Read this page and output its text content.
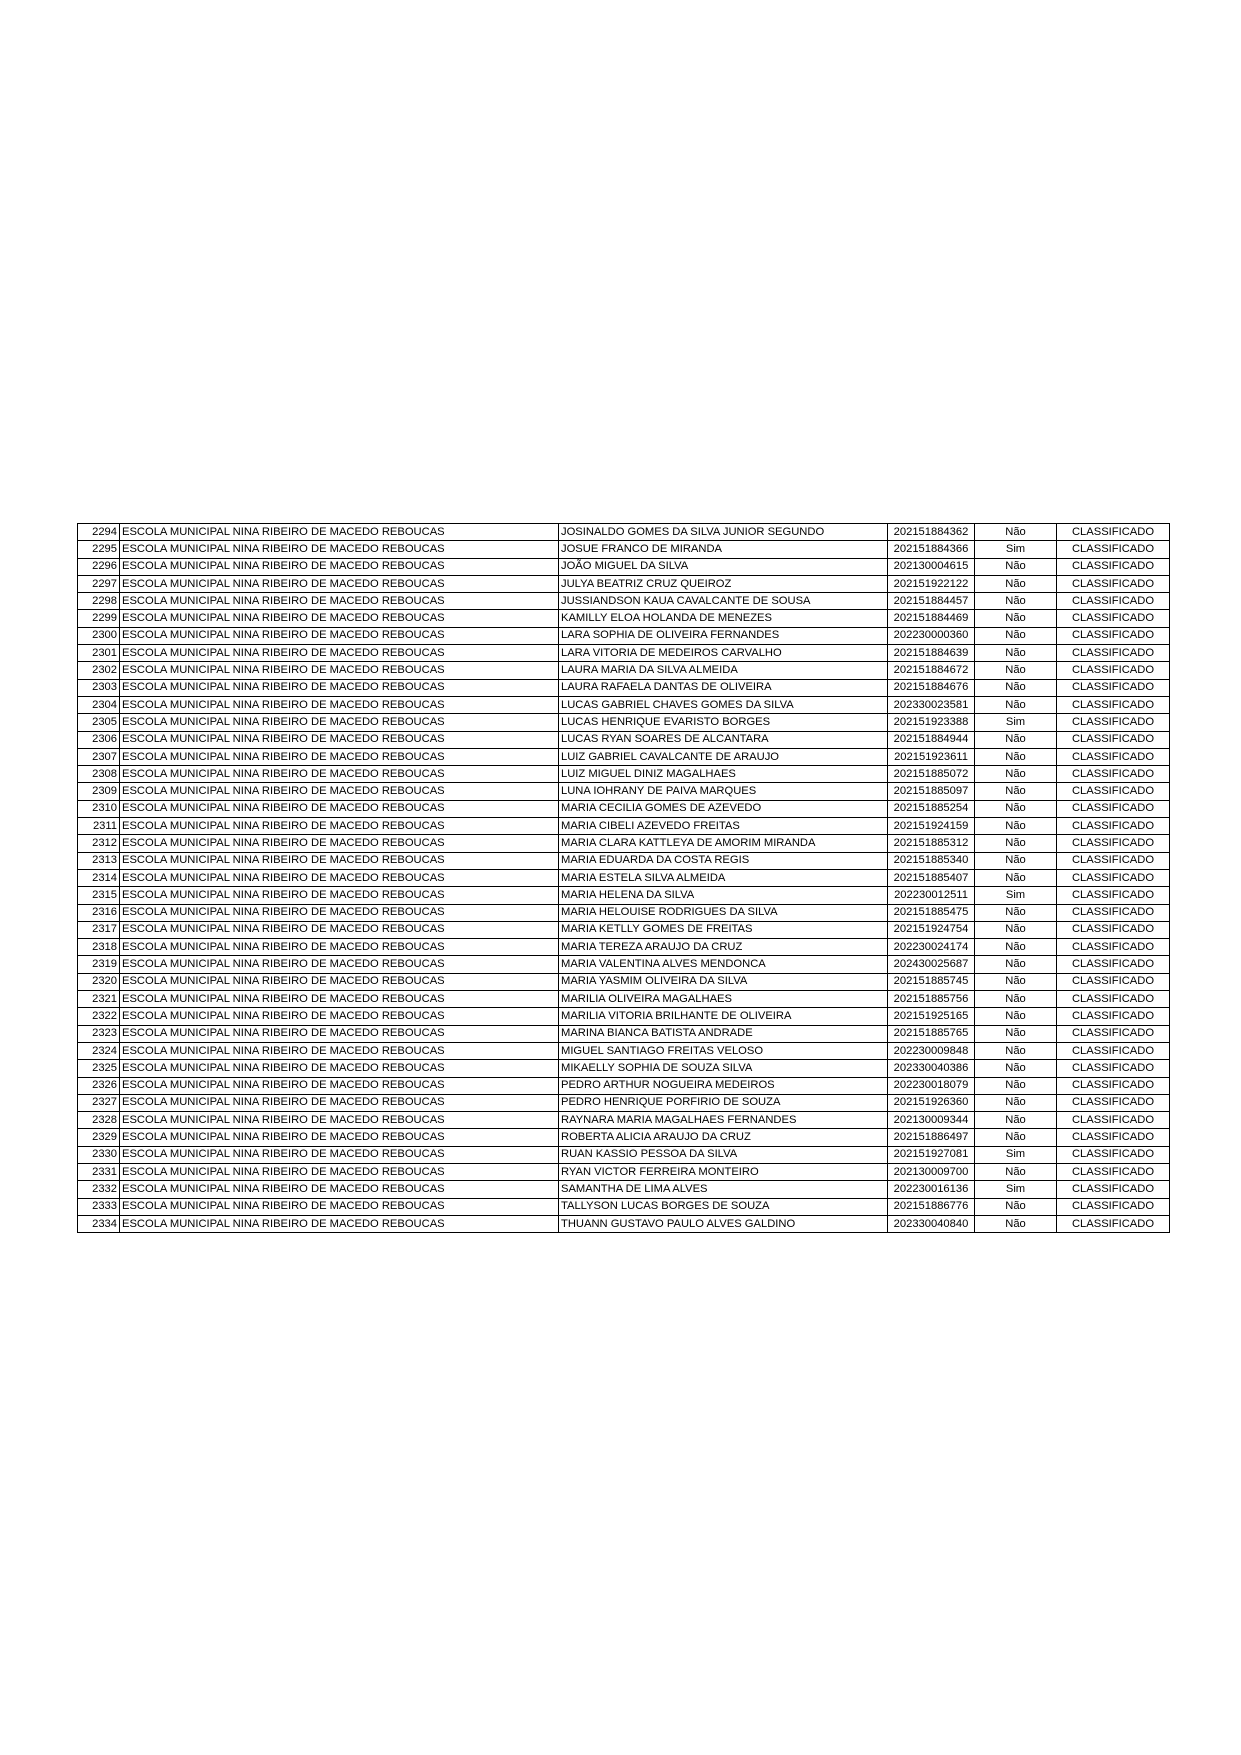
2294	ESCOLA MUNICIPAL NINA RIBEIRO DE MACEDO REBOUCAS	JOSINALDO GOMES DA SILVA JUNIOR SEGUNDO	202151884362	Não	CLASSIFICADO
2295	ESCOLA MUNICIPAL NINA RIBEIRO DE MACEDO REBOUCAS	JOSUE FRANCO DE MIRANDA	202151884366	Sim	CLASSIFICADO
2296	ESCOLA MUNICIPAL NINA RIBEIRO DE MACEDO REBOUCAS	JOÃO MIGUEL DA SILVA	202130004615	Não	CLASSIFICADO
2297	ESCOLA MUNICIPAL NINA RIBEIRO DE MACEDO REBOUCAS	JULYA BEATRIZ CRUZ QUEIROZ	202151922122	Não	CLASSIFICADO
2298	ESCOLA MUNICIPAL NINA RIBEIRO DE MACEDO REBOUCAS	JUSSIANDSON KAUA CAVALCANTE DE SOUSA	202151884457	Não	CLASSIFICADO
2299	ESCOLA MUNICIPAL NINA RIBEIRO DE MACEDO REBOUCAS	KAMILLY ELOA HOLANDA DE MENEZES	202151884469	Não	CLASSIFICADO
2300	ESCOLA MUNICIPAL NINA RIBEIRO DE MACEDO REBOUCAS	LARA SOPHIA DE OLIVEIRA FERNANDES	202230000360	Não	CLASSIFICADO
2301	ESCOLA MUNICIPAL NINA RIBEIRO DE MACEDO REBOUCAS	LARA VITORIA DE MEDEIROS CARVALHO	202151884639	Não	CLASSIFICADO
2302	ESCOLA MUNICIPAL NINA RIBEIRO DE MACEDO REBOUCAS	LAURA MARIA DA SILVA ALMEIDA	202151884672	Não	CLASSIFICADO
2303	ESCOLA MUNICIPAL NINA RIBEIRO DE MACEDO REBOUCAS	LAURA RAFAELA DANTAS DE OLIVEIRA	202151884676	Não	CLASSIFICADO
2304	ESCOLA MUNICIPAL NINA RIBEIRO DE MACEDO REBOUCAS	LUCAS GABRIEL CHAVES GOMES DA SILVA	202330023581	Não	CLASSIFICADO
2305	ESCOLA MUNICIPAL NINA RIBEIRO DE MACEDO REBOUCAS	LUCAS HENRIQUE EVARISTO BORGES	202151923388	Sim	CLASSIFICADO
2306	ESCOLA MUNICIPAL NINA RIBEIRO DE MACEDO REBOUCAS	LUCAS RYAN SOARES DE ALCANTARA	202151884944	Não	CLASSIFICADO
2307	ESCOLA MUNICIPAL NINA RIBEIRO DE MACEDO REBOUCAS	LUIZ GABRIEL CAVALCANTE DE ARAUJO	202151923611	Não	CLASSIFICADO
2308	ESCOLA MUNICIPAL NINA RIBEIRO DE MACEDO REBOUCAS	LUIZ MIGUEL DINIZ MAGALHAES	202151885072	Não	CLASSIFICADO
2309	ESCOLA MUNICIPAL NINA RIBEIRO DE MACEDO REBOUCAS	LUNA IOHRANY DE PAIVA MARQUES	202151885097	Não	CLASSIFICADO
2310	ESCOLA MUNICIPAL NINA RIBEIRO DE MACEDO REBOUCAS	MARIA CECILIA GOMES DE AZEVEDO	202151885254	Não	CLASSIFICADO
2311	ESCOLA MUNICIPAL NINA RIBEIRO DE MACEDO REBOUCAS	MARIA CIBELI AZEVEDO FREITAS	202151924159	Não	CLASSIFICADO
2312	ESCOLA MUNICIPAL NINA RIBEIRO DE MACEDO REBOUCAS	MARIA CLARA KATTLEYA DE AMORIM MIRANDA	202151885312	Não	CLASSIFICADO
2313	ESCOLA MUNICIPAL NINA RIBEIRO DE MACEDO REBOUCAS	MARIA EDUARDA DA COSTA REGIS	202151885340	Não	CLASSIFICADO
2314	ESCOLA MUNICIPAL NINA RIBEIRO DE MACEDO REBOUCAS	MARIA ESTELA SILVA ALMEIDA	202151885407	Não	CLASSIFICADO
2315	ESCOLA MUNICIPAL NINA RIBEIRO DE MACEDO REBOUCAS	MARIA HELENA DA SILVA	202230012511	Sim	CLASSIFICADO
2316	ESCOLA MUNICIPAL NINA RIBEIRO DE MACEDO REBOUCAS	MARIA HELOUISE RODRIGUES DA SILVA	202151885475	Não	CLASSIFICADO
2317	ESCOLA MUNICIPAL NINA RIBEIRO DE MACEDO REBOUCAS	MARIA KETLLY GOMES DE FREITAS	202151924754	Não	CLASSIFICADO
2318	ESCOLA MUNICIPAL NINA RIBEIRO DE MACEDO REBOUCAS	MARIA TEREZA ARAUJO DA CRUZ	202230024174	Não	CLASSIFICADO
2319	ESCOLA MUNICIPAL NINA RIBEIRO DE MACEDO REBOUCAS	MARIA VALENTINA ALVES MENDONCA	202430025687	Não	CLASSIFICADO
2320	ESCOLA MUNICIPAL NINA RIBEIRO DE MACEDO REBOUCAS	MARIA YASMIM OLIVEIRA DA SILVA	202151885745	Não	CLASSIFICADO
2321	ESCOLA MUNICIPAL NINA RIBEIRO DE MACEDO REBOUCAS	MARILIA OLIVEIRA MAGALHAES	202151885756	Não	CLASSIFICADO
2322	ESCOLA MUNICIPAL NINA RIBEIRO DE MACEDO REBOUCAS	MARILIA VITORIA BRILHANTE DE OLIVEIRA	202151925165	Não	CLASSIFICADO
2323	ESCOLA MUNICIPAL NINA RIBEIRO DE MACEDO REBOUCAS	MARINA BIANCA BATISTA ANDRADE	202151885765	Não	CLASSIFICADO
2324	ESCOLA MUNICIPAL NINA RIBEIRO DE MACEDO REBOUCAS	MIGUEL SANTIAGO FREITAS VELOSO	202230009848	Não	CLASSIFICADO
2325	ESCOLA MUNICIPAL NINA RIBEIRO DE MACEDO REBOUCAS	MIKAELLY SOPHIA DE SOUZA SILVA	202330040386	Não	CLASSIFICADO
2326	ESCOLA MUNICIPAL NINA RIBEIRO DE MACEDO REBOUCAS	PEDRO ARTHUR NOGUEIRA MEDEIROS	202230018079	Não	CLASSIFICADO
2327	ESCOLA MUNICIPAL NINA RIBEIRO DE MACEDO REBOUCAS	PEDRO HENRIQUE PORFIRIO DE SOUZA	202151926360	Não	CLASSIFICADO
2328	ESCOLA MUNICIPAL NINA RIBEIRO DE MACEDO REBOUCAS	RAYNARA MARIA MAGALHAES FERNANDES	202130009344	Não	CLASSIFICADO
2329	ESCOLA MUNICIPAL NINA RIBEIRO DE MACEDO REBOUCAS	ROBERTA ALICIA ARAUJO DA CRUZ	202151886497	Não	CLASSIFICADO
2330	ESCOLA MUNICIPAL NINA RIBEIRO DE MACEDO REBOUCAS	RUAN KASSIO PESSOA DA SILVA	202151927081	Sim	CLASSIFICADO
2331	ESCOLA MUNICIPAL NINA RIBEIRO DE MACEDO REBOUCAS	RYAN VICTOR FERREIRA MONTEIRO	202130009700	Não	CLASSIFICADO
2332	ESCOLA MUNICIPAL NINA RIBEIRO DE MACEDO REBOUCAS	SAMANTHA DE LIMA ALVES	202230016136	Sim	CLASSIFICADO
2333	ESCOLA MUNICIPAL NINA RIBEIRO DE MACEDO REBOUCAS	TALLYSON LUCAS BORGES DE SOUZA	202151886776	Não	CLASSIFICADO
2334	ESCOLA MUNICIPAL NINA RIBEIRO DE MACEDO REBOUCAS	THUANN GUSTAVO PAULO ALVES GALDINO	202330040840	Não	CLASSIFICADO
